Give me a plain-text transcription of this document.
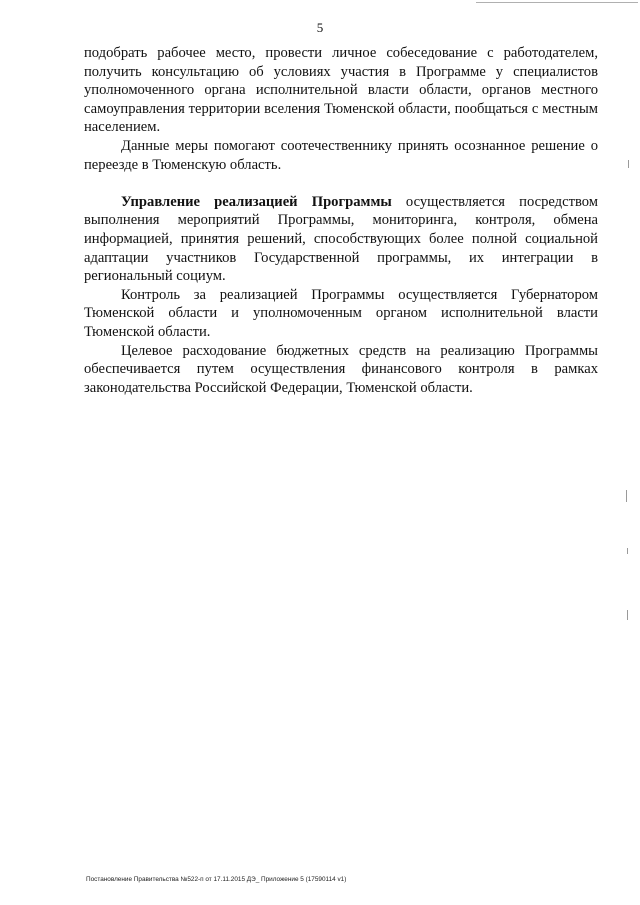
5

подобрать рабочее место, провести личное собеседование с работодателем, получить консультацию об условиях участия в Программе у специалистов уполномоченного органа исполнительной власти области, органов местного самоуправления территории вселения Тюменской области, пообщаться с местным населением.

Данные меры помогают соотечественнику принять осознанное решение о переезде в Тюменскую область.

Управление реализацией Программы осуществляется посредством выполнения мероприятий Программы, мониторинга, контроля, обмена информацией, принятия решений, способствующих более полной социальной адаптации участников Государственной программы, их интеграции в региональный социум.

Контроль за реализацией Программы осуществляется Губернатором Тюменской области и уполномоченным органом исполнительной власти Тюменской области.

Целевое расходование бюджетных средств на реализацию Программы обеспечивается путем осуществления финансового контроля в рамках законодательства Российской Федерации, Тюменской области.

Постановление Правительства №522-п от 17.11.2015 ДЭ_ Приложение 5 (17590114 v1)
